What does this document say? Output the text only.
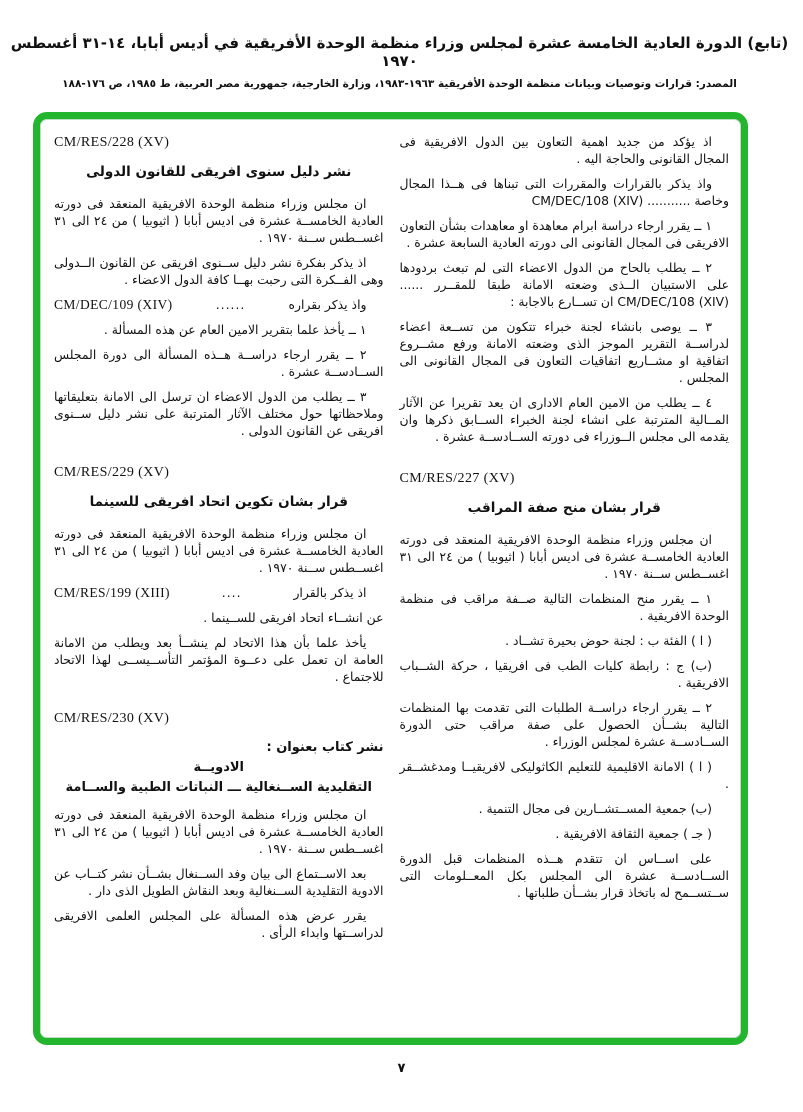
(تابع) الدورة العادية الخامسة عشرة لمجلس وزراء منظمة الوحدة الأفريقية في أديس أبابا، ١٤-٣١ أغسطس ١٩٧٠
المصدر: قرارات وتوصيات وبيانات منظمة الوحدة الأفريقية ١٩٦٣-١٩٨٣، وزارة الخارجية، جمهورية مصر العربية، ط ١٩٨٥، ص ١٧٦-١٨٨
اذ يؤكد من جديد اهمية التعاون بين الدول الافريقية فى المجال القانونى والحاجة اليه .
واذ يذكر بالقرارات والمقررات التى تبناها فى هــذا المجال وخاصة ........... CM/DEC/108 (XIV)
١ ــ يقرر ارجاء دراسة ابرام معاهدة او معاهدات بشأن التعاون الافريقى فى المجال القانونى الى دورته العادية السابعة عشرة .
٢ ــ يطلب بالحاح من الدول الاعضاء التى لم تبعث بردودها على الاستبيان الــذى وضعته الامانة طبقا للمقــرر ...... CM/DEC/108 (XIV) ان تســارع بالاجابة :
٣ ــ يوصى بانشاء لجنة خبراء تتكون من تســعة اعضاء لدراســة التقرير الموجز الذى وضعته الامانة ورفع مشــروع اتفاقية او مشــاريع اتفاقيات التعاون فى المجال القانونى الى المجلس .
٤ ــ يطلب من الامين العام الادارى ان يعد تقريرا عن الآثار المــالية المترتبة على انشاء لجنة الخبراء الســابق ذكرها وان يقدمه الى مجلس الــوزراء فى دورته الســادســة عشرة .
CM/RES/227 (XV)
قرار بشان منح صفة المراقب
ان مجلس وزراء منظمة الوحدة الافريقية المنعقد فى دورته العادية الخامســة عشرة فى اديس أبابا ( اثيوبيا ) من ٢٤ الى ٣١ اغســطس ســنة ١٩٧٠ .
١ ــ يقرر منح المنظمات التالية صــفة مراقب فى منظمة الوحدة الافريقية .
( ا ) الفئة ب : لجنة حوض بحيرة تشــاد .
(ب) ج : رابطة كليات الطب فى افريقيا ، حركة الشــباب الافريقية .
٢ ــ يقرر ارجاء دراســة الطلبات التى تقدمت بها المنظمات التالية بشــأن الحصول على صفة مراقب حتى الدورة الســادســة عشرة لمجلس الوزراء .
( ا ) الامانة الاقليمية للتعليم الكاثوليكى لافريقيــا ومدغشــقر .
(ب) جمعية المســتشــارين فى مجال التنمية .
( جـ ) جمعية الثقافة الافريقية .
على اســاس ان تتقدم هــذه المنظمات قبل الدورة الســادســة عشرة الى المجلس بكل المعــلومات التى ســتســمح له باتخاذ قرار بشــأن طلباتها .
CM/RES/228 (XV)
نشر دليل سنوى افريقى للقانون الدولى
ان مجلس وزراء منظمة الوحدة الافريقية المنعقد فى دورته العادية الخامســة عشرة فى اديس أبابا ( اثيوبيا ) من ٢٤ الى ٣١ اغســطس ســنة ١٩٧٠ .
اذ يذكر بفكرة نشر دليل ســنوى افريقى عن القانون الــدولى وهى الفــكرة التى رحبت بهــا كافة الدول الاعضاء .
واذ يذكر بقراره
......
CM/DEC/109 (XIV)
١ ــ يأخذ علما بتقرير الامين العام عن هذه المسألة .
٢ ــ يقرر ارجاء دراســة هــذه المسألة الى دورة المجلس الســادســة عشرة .
٣ ــ يطلب من الدول الاعضاء ان ترسل الى الامانة بتعليقاتها وملاحظاتها حول مختلف الآثار المترتبة على نشر دليل ســنوى افريقى عن القانون الدولى .
CM/RES/229 (XV)
قرار بشان تكوين اتحاد افريقى للسينما
ان مجلس وزراء منظمة الوحدة الافريقية المنعقد فى دورته العادية الخامســة عشرة فى اديس أبابا ( اثيوبيا ) من ٢٤ الى ٣١ اغســطس ســنة ١٩٧٠ .
اذ يذكر بالقرار
....
CM/RES/199 (XIII)
عن انشــاء اتحاد افريقى للســينما .
يأخذ علما بأن هذا الاتحاد لم ينشــأ بعد ويطلب من الامانة العامة ان تعمل على دعــوة المؤتمر التأســيســى لهذا الاتحاد للاجتماع .
CM/RES/230 (XV)
نشر كتاب بعنوان :
الادويــة
التقليدية الســنغالية ـــ النباتات الطبية والســامة
ان مجلس وزراء منظمة الوحدة الافريقية المنعقد فى دورته العادية الخامســة عشرة فى اديس أبابا ( اثيوبيا ) من ٢٤ الى ٣١ اغســطس ســنة ١٩٧٠ .
بعد الاســتماع الى بيان وفد الســنغال بشــأن نشر كتــاب عن الادوية التقليدية الســنغالية وبعد النقاش الطويل الذى دار .
يقرر عرض هذه المسألة على المجلس العلمى الافريقى لدراســتها وابداء الرأى .
٧
